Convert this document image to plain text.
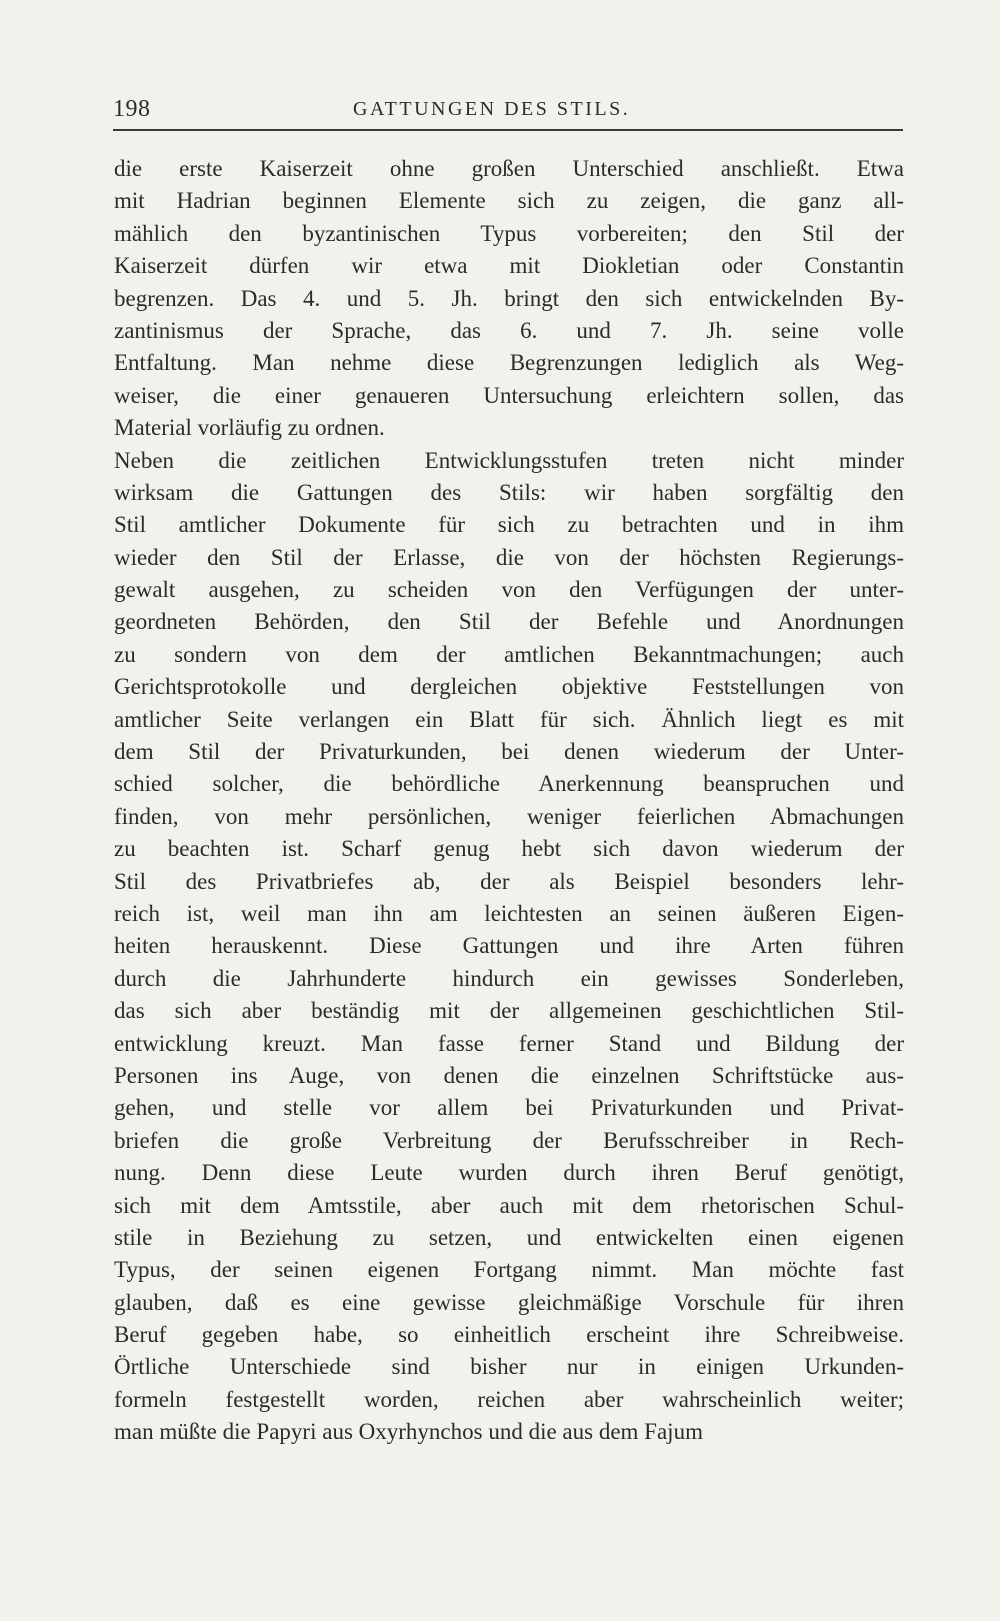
198	GATTUNGEN DES STILS.
die erste Kaiserzeit ohne großen Unterschied anschließt. Etwa
mit Hadrian beginnen Elemente sich zu zeigen, die ganz all-
mählich den byzantinischen Typus vorbereiten; den Stil der
Kaiserzeit dürfen wir etwa mit Diokletian oder Constantin
begrenzen. Das 4. und 5. Jh. bringt den sich entwickelnden By-
zantinismus der Sprache, das 6. und 7. Jh. seine volle
Entfaltung. Man nehme diese Begrenzungen lediglich als Weg-
weiser, die einer genaueren Untersuchung erleichtern sollen, das
Material vorläufig zu ordnen.
Neben die zeitlichen Entwicklungsstufen treten nicht minder
wirksam die Gattungen des Stils: wir haben sorgfältig den
Stil amtlicher Dokumente für sich zu betrachten und in ihm
wieder den Stil der Erlasse, die von der höchsten Regierungs-
gewalt ausgehen, zu scheiden von den Verfügungen der unter-
geordneten Behörden, den Stil der Befehle und Anordnungen
zu sondern von dem der amtlichen Bekanntmachungen; auch
Gerichtsprotokolle und dergleichen objektive Feststellungen von
amtlicher Seite verlangen ein Blatt für sich. Ähnlich liegt es mit
dem Stil der Privaturkunden, bei denen wiederum der Unter-
schied solcher, die behördliche Anerkennung beanspruchen und
finden, von mehr persönlichen, weniger feierlichen Abmachungen
zu beachten ist. Scharf genug hebt sich davon wiederum der
Stil des Privatbriefes ab, der als Beispiel besonders lehr-
reich ist, weil man ihn am leichtesten an seinen äußeren Eigen-
heiten herauskennt. Diese Gattungen und ihre Arten führen
durch die Jahrhunderte hindurch ein gewisses Sonderleben,
das sich aber beständig mit der allgemeinen geschichtlichen Stil-
entwicklung kreuzt. Man fasse ferner Stand und Bildung der
Personen ins Auge, von denen die einzelnen Schriftstücke aus-
gehen, und stelle vor allem bei Privaturkunden und Privat-
briefen die große Verbreitung der Berufsschreiber in Rech-
nung. Denn diese Leute wurden durch ihren Beruf genötigt,
sich mit dem Amtsstile, aber auch mit dem rhetorischen Schul-
stile in Beziehung zu setzen, und entwickelten einen eigenen
Typus, der seinen eigenen Fortgang nimmt. Man möchte fast
glauben, daß es eine gewisse gleichmäßige Vorschule für ihren
Beruf gegeben habe, so einheitlich erscheint ihre Schreibweise.
Örtliche Unterschiede sind bisher nur in einigen Urkunden-
formeln festgestellt worden, reichen aber wahrscheinlich weiter;
man müßte die Papyri aus Oxyrhynchos und die aus dem Fajum
